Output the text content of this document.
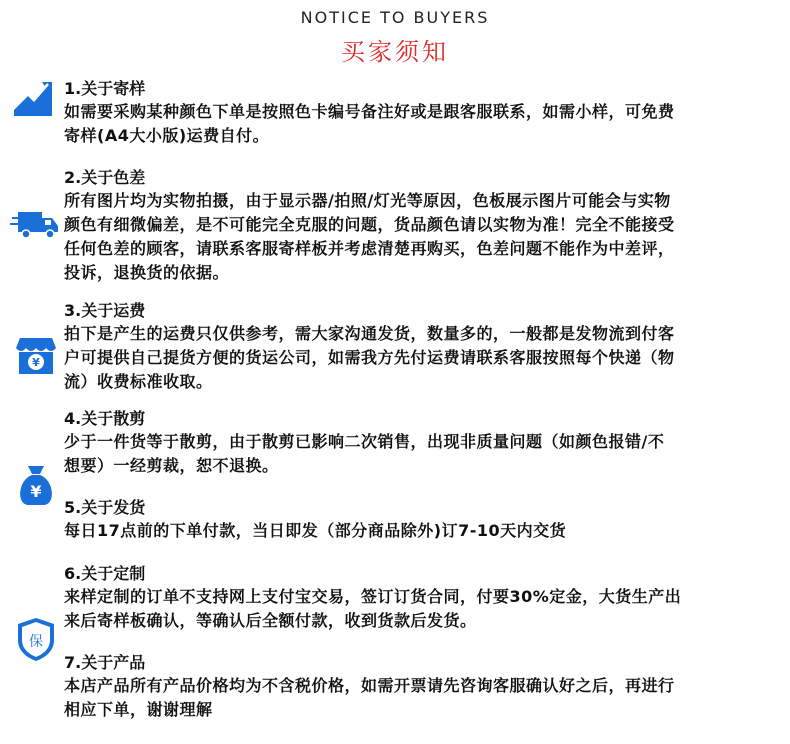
NOTICE TO BUYERS
买家须知
¥
¥
保
1.关于寄样
如需要采购某种颜色下单是按照色卡编号备注好或是跟客服联系，如需小样，可免费
寄样(A4大小版)运费自付。
2.关于色差
所有图片均为实物拍摄，由于显示器/拍照/灯光等原因，色板展示图片可能会与实物
颜色有细微偏差，是不可能完全克服的问题，货品颜色请以实物为准！完全不能接受
任何色差的顾客，请联系客服寄样板并考虑清楚再购买，色差问题不能作为中差评，
投诉，退换货的依据。
3.关于运费
拍下是产生的运费只仅供参考，需大家沟通发货，数量多的，一般都是发物流到付客
户可提供自己提货方便的货运公司，如需我方先付运费请联系客服按照每个快递（物
流）收费标准收取。
4.关于散剪
少于一件货等于散剪，由于散剪已影响二次销售，出现非质量问题（如颜色报错/不
想要）一经剪裁，恕不退换。
5.关于发货
每日17点前的下单付款，当日即发（部分商品除外)订7-10天内交货
6.关于定制
来样定制的订单不支持网上支付宝交易，签订订货合同，付要30%定金，大货生产出
来后寄样板确认，等确认后全额付款，收到货款后发货。
7.关于产品
本店产品所有产品价格均为不含税价格，如需开票请先咨询客服确认好之后，再进行
相应下单，谢谢理解
